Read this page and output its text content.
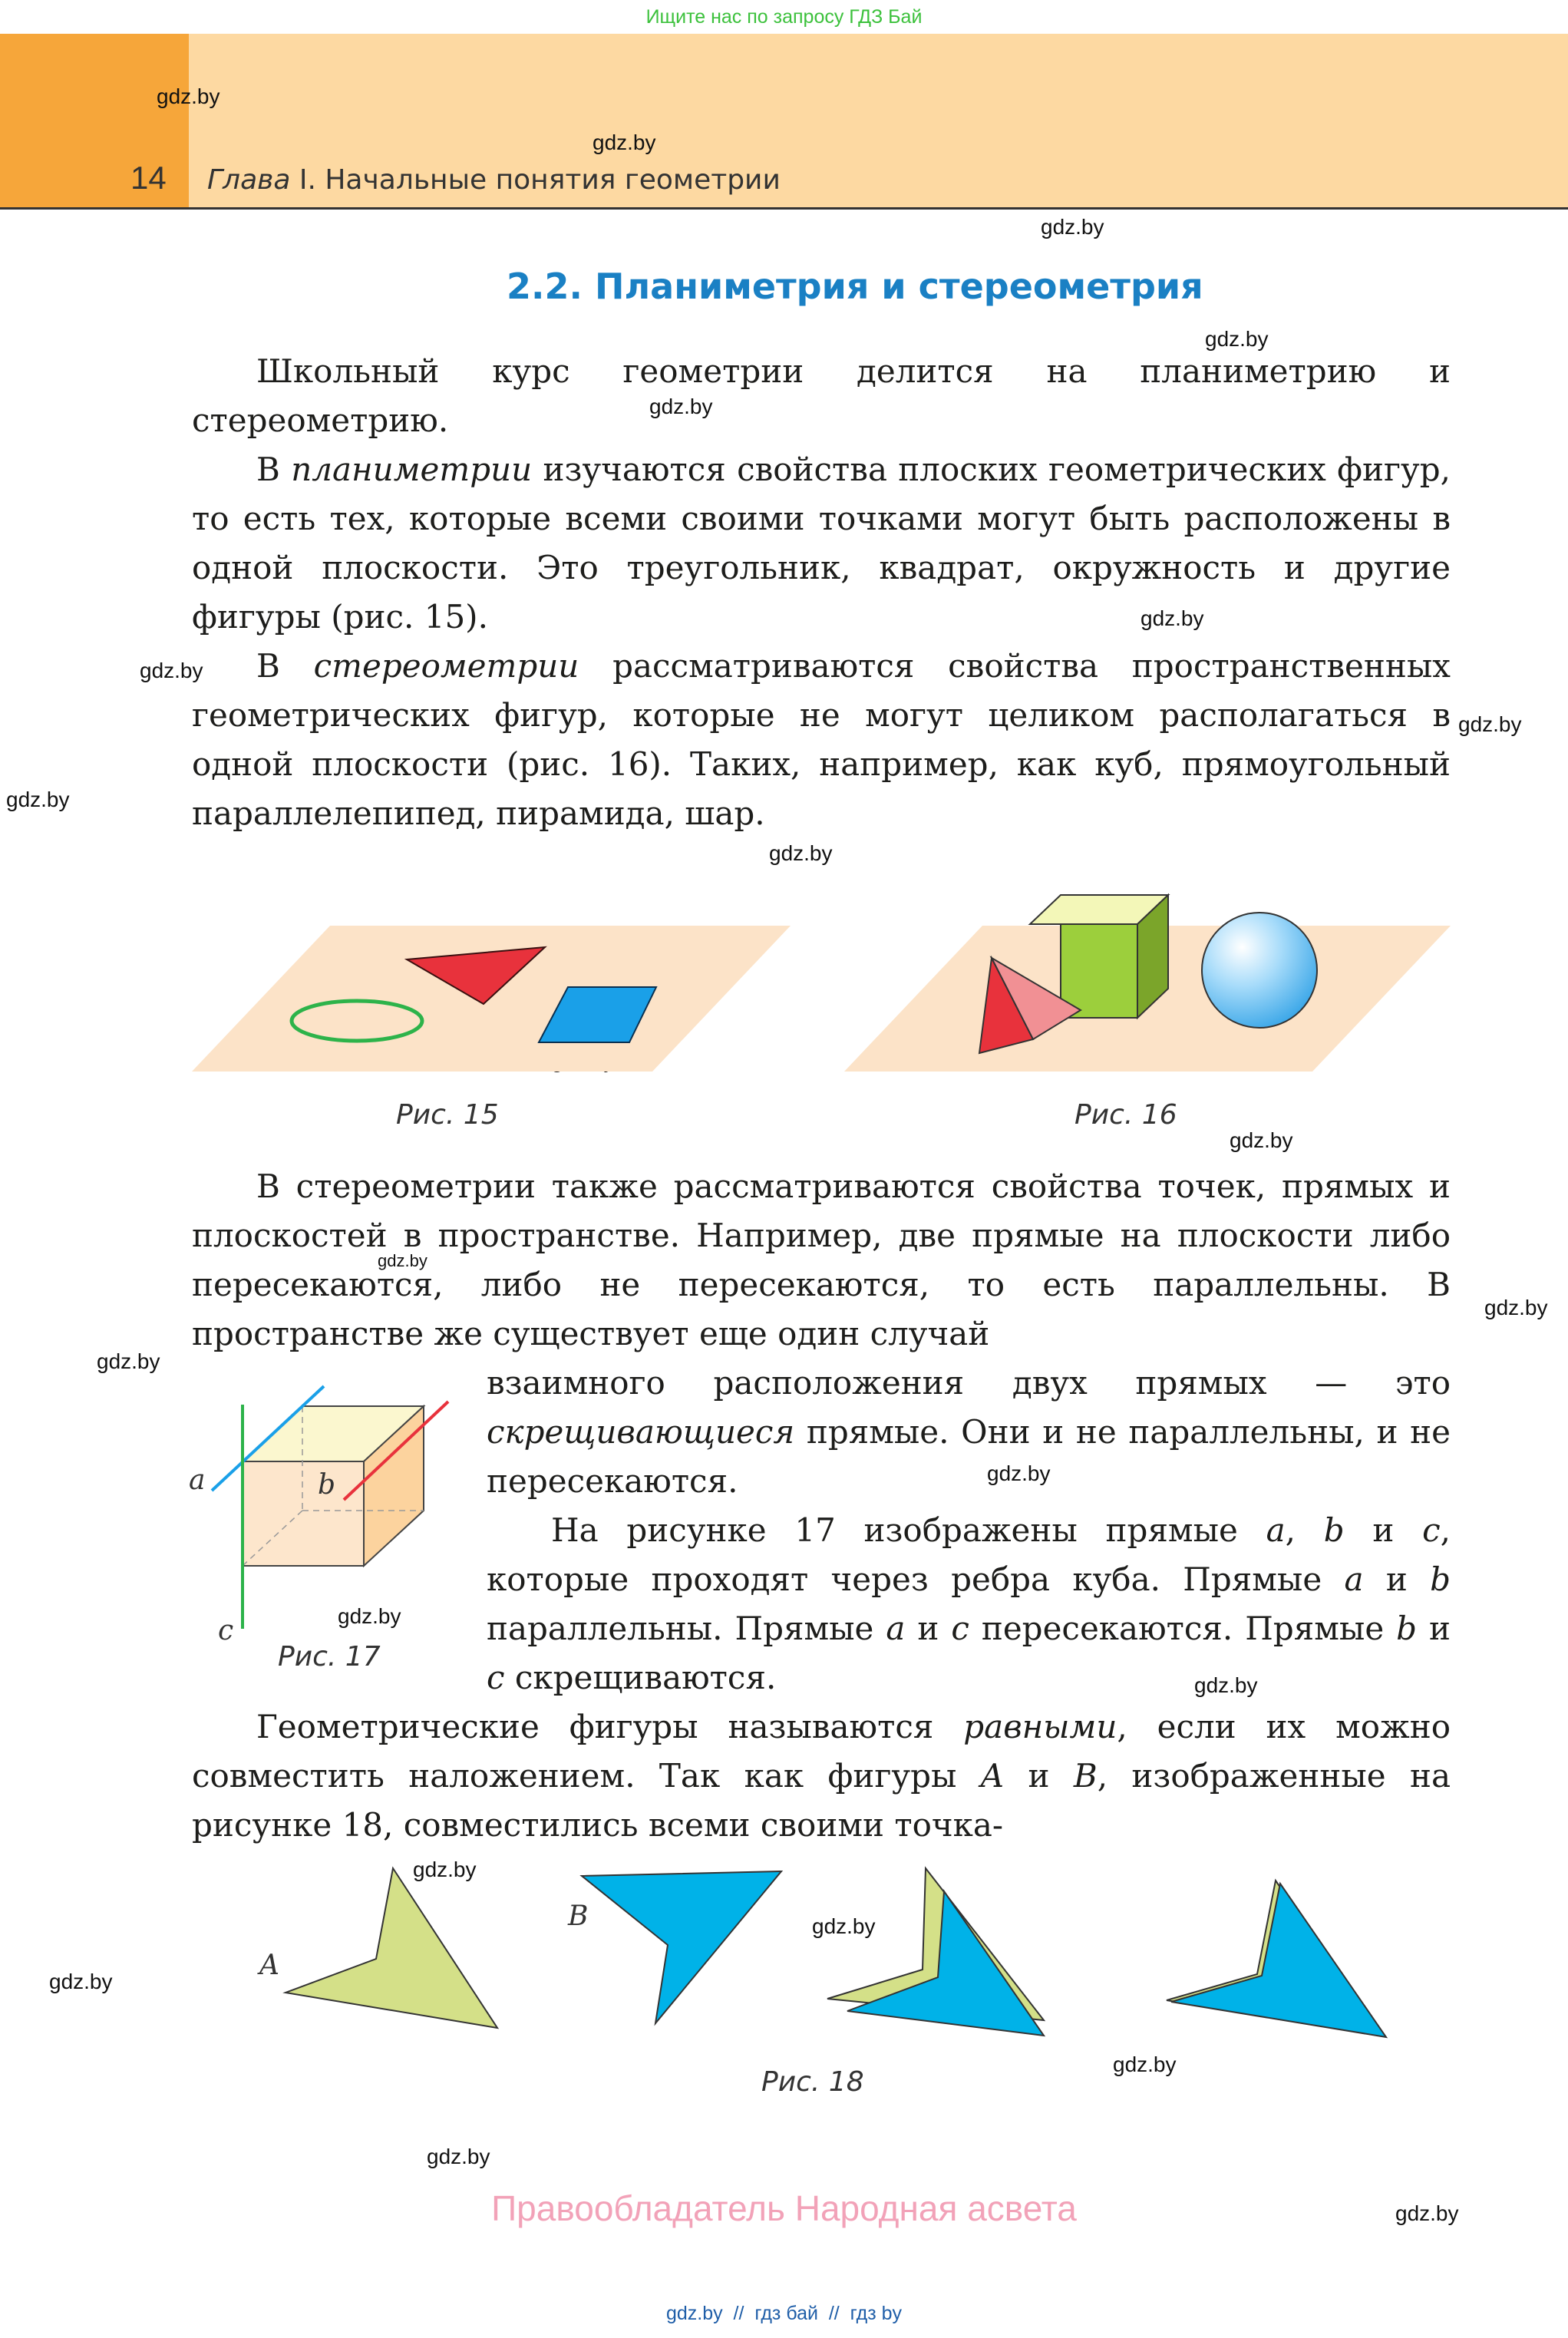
Ищите нас по запросу ГДЗ Бай
14 Глава I. Начальные понятия геометрии
gdz.by
gdz.by
gdz.by
gdz.by
gdz.by
gdz.by
gdz.by
gdz.by
gdz.by
gdz.by
gdz.by
gdz.by
gdz.by
gdz.by
gdz.by
gdz.by
gdz.by
gdz.by
gdz.by
gdz.by
gdz.by
gdz.by
gdz.by
2.2. Планиметрия и стереометрия

Школьный курс геометрии делится на планиметрию и стереометрию.

В планиметрии изучаются свойства плоских геометрических фигур, то есть тех, которые всеми своими точками могут быть расположены в одной плоскости. Это треугольник, квадрат, окружность и другие фигуры (рис. 15).

В стереометрии рассматриваются свойства пространственных геометрических фигур, которые не могут целиком располагаться в одной плоскости (рис. 16). Таких, например, как куб, прямоугольный параллелепипед, пирамида, шар.

Рис. 15	Рис. 16

В стереометрии также рассматриваются свойства точек, прямых и плоскостей в пространстве. Например, две прямые на плоскости либо пересекаются, либо не пересекаются, то есть параллельны. В пространстве же существует еще один случай

взаимного расположения двух прямых — это скрещивающиеся прямые. Они и не параллельны, и не пересекаются.

На рисунке 17 изображены прямые a, b и c, которые проходят через ребра куба. Прямые a и b параллельны. Прямые a и c пересекаются. Прямые b и c скрещиваются.

a	b
c
Рис. 17

Геометрические фигуры называются равными, если их можно совместить наложением. Так как фигуры A и B, изображенные на рисунке 18, совместились всеми своими точка-

A
B
Рис. 18
Правообладатель Народная асвета
gdz.by // гдз бай // гдз by
